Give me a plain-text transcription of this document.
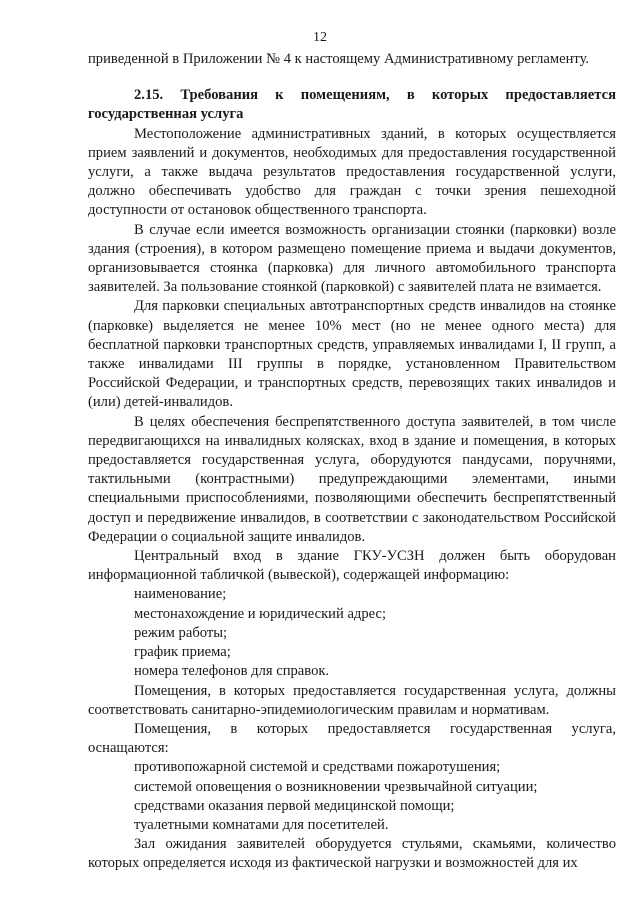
12

приведенной в Приложении № 4 к настоящему Административному регламенту.

2.15. Требования к помещениям, в которых предоставляется государственная услуга

Местоположение административных зданий, в которых осуществляется прием заявлений и документов, необходимых для предоставления государственной услуги, а также выдача результатов предоставления государственной услуги, должно обеспечивать удобство для граждан с точки зрения пешеходной доступности от остановок общественного транспорта.

В случае если имеется возможность организации стоянки (парковки) возле здания (строения), в котором размещено помещение приема и выдачи документов, организовывается стоянка (парковка) для личного автомобильного транспорта заявителей. За пользование стоянкой (парковкой) с заявителей плата не взимается.

Для парковки специальных автотранспортных средств инвалидов на стоянке (парковке) выделяется не менее 10% мест (но не менее одного места) для бесплатной парковки транспортных средств, управляемых инвалидами I, II групп, а также инвалидами III группы в порядке, установленном Правительством Российской Федерации, и транспортных средств, перевозящих таких инвалидов и (или) детей-инвалидов.

В целях обеспечения беспрепятственного доступа заявителей, в том числе передвигающихся на инвалидных колясках, вход в здание и помещения, в которых предоставляется государственная услуга, оборудуются пандусами, поручнями, тактильными (контрастными) предупреждающими элементами, иными специальными приспособлениями, позволяющими обеспечить беспрепятственный доступ и передвижение инвалидов, в соответствии с законодательством Российской Федерации о социальной защите инвалидов.

Центральный вход в здание ГКУ-УСЗН должен быть оборудован информационной табличкой (вывеской), содержащей информацию:

наименование;

местонахождение и юридический адрес;

режим работы;

график приема;

номера телефонов для справок.

Помещения, в которых предоставляется государственная услуга, должны соответствовать санитарно-эпидемиологическим правилам и нормативам.

Помещения, в которых предоставляется государственная услуга, оснащаются:

противопожарной системой и средствами пожаротушения;

системой оповещения о возникновении чрезвычайной ситуации;

средствами оказания первой медицинской помощи;

туалетными комнатами для посетителей.

Зал ожидания заявителей оборудуется стульями, скамьями, количество которых определяется исходя из фактической нагрузки и возможностей для их
